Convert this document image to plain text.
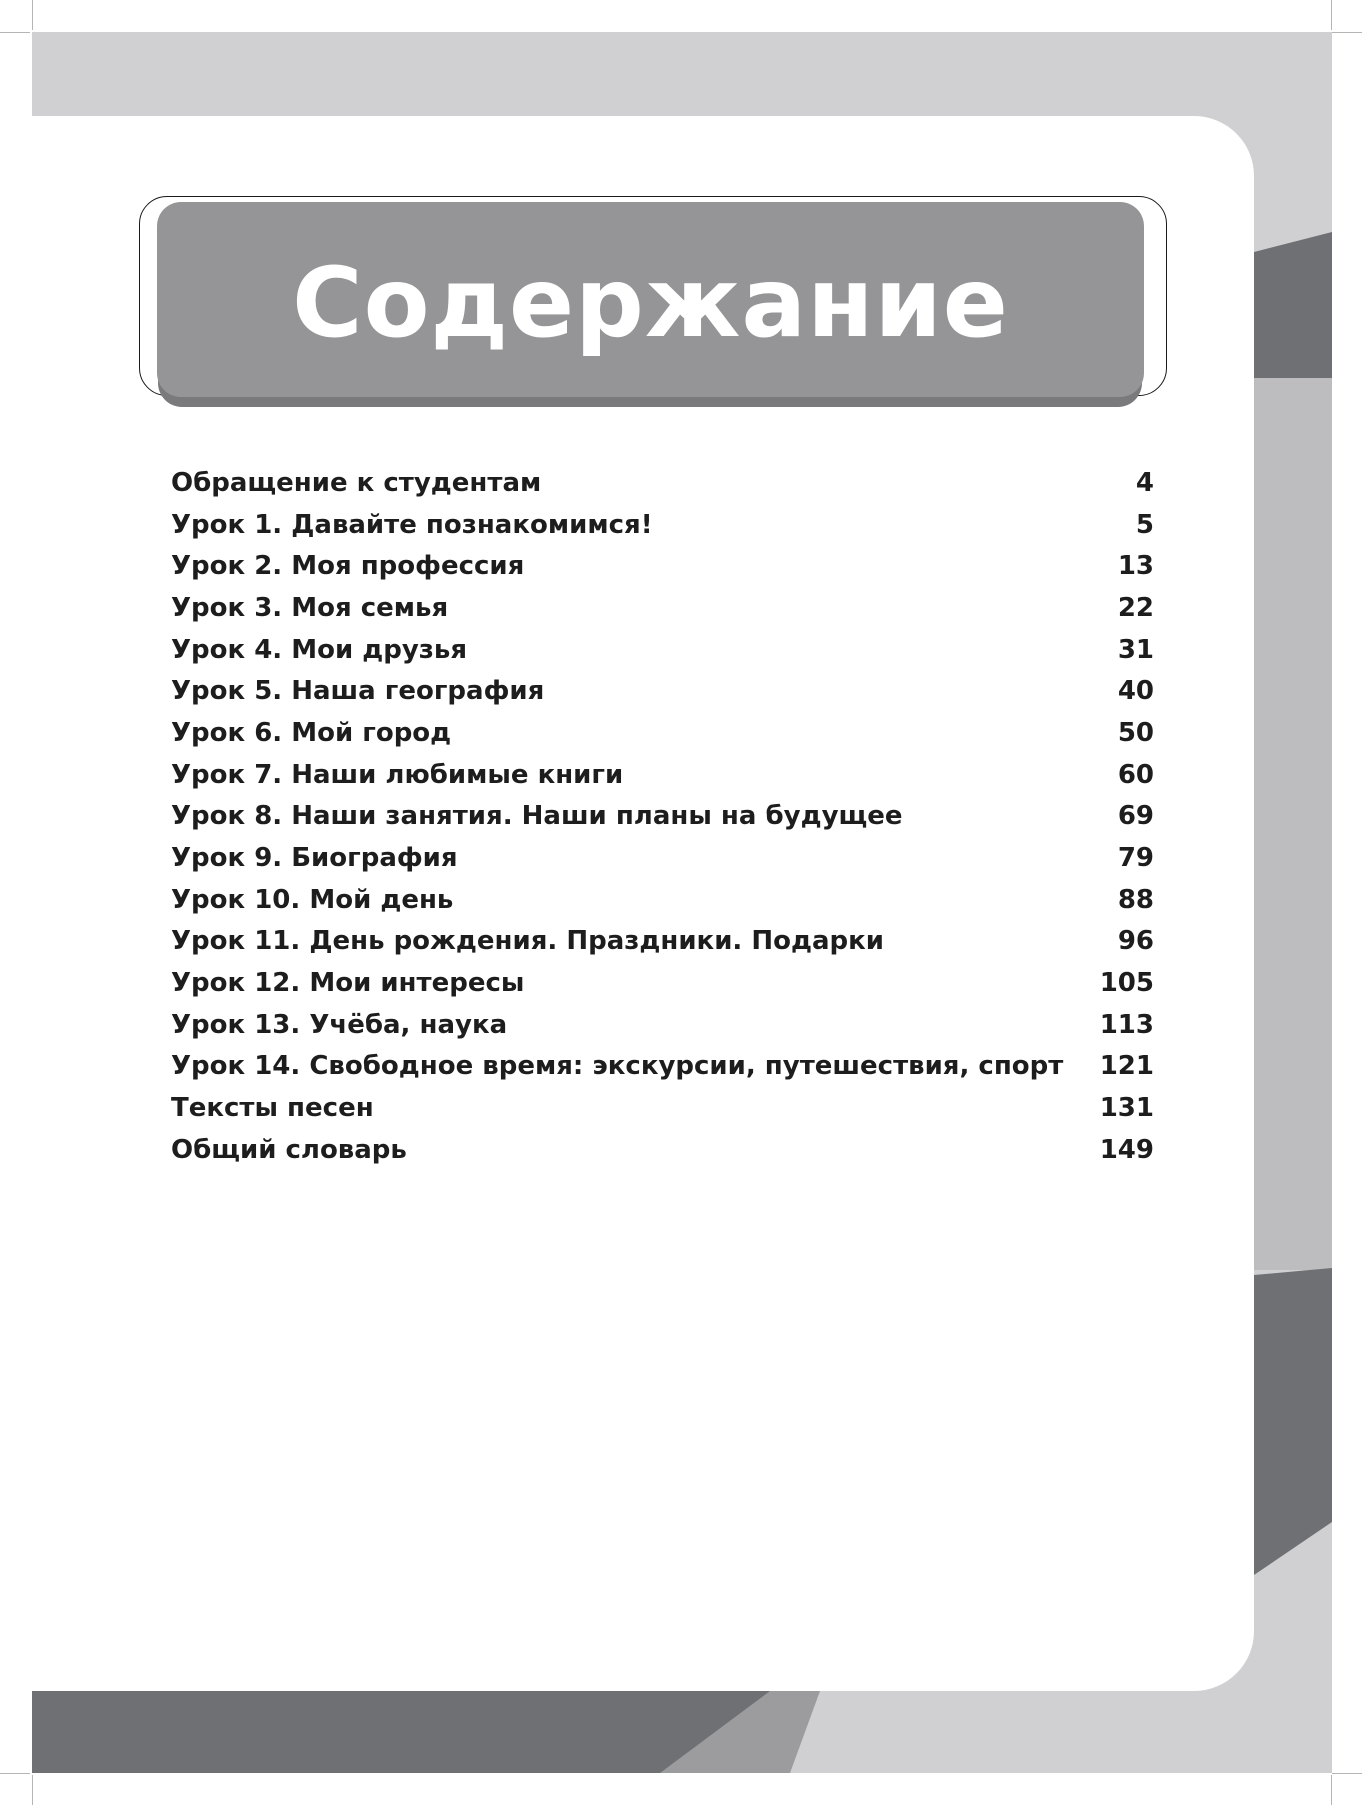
Содержание
Обращение к студентам	4
Урок 1. Давайте познакомимся!	5
Урок 2. Моя профессия	13
Урок 3. Моя семья	22
Урок 4. Мои друзья	31
Урок 5. Наша география	40
Урок 6. Мой город	50
Урок 7. Наши любимые книги	60
Урок 8. Наши занятия. Наши планы на будущее	69
Урок 9. Биография	79
Урок 10. Мой день	88
Урок 11. День рождения. Праздники. Подарки	96
Урок 12. Мои интересы	105
Урок 13. Учёба, наука	113
Урок 14. Свободное время: экскурсии, путешествия, спорт 121
Тексты песен	131
Общий словарь	149
